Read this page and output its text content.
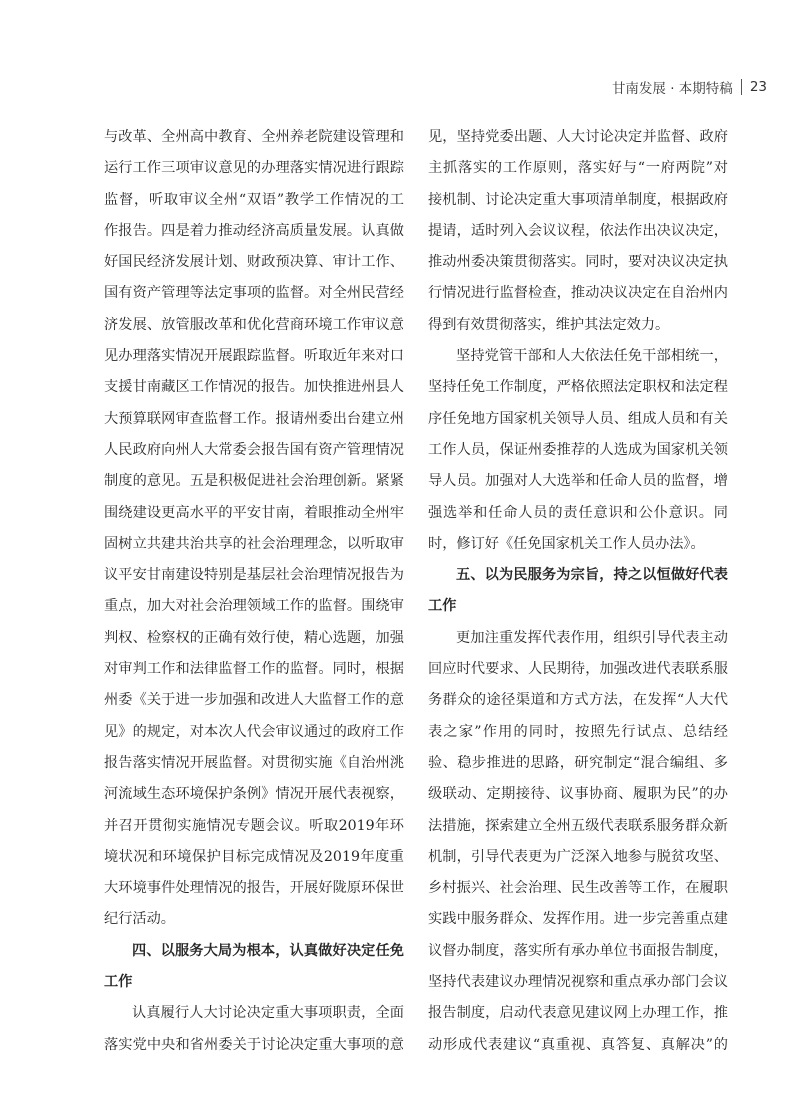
甘南发展 · 本期特稿 23
与改革、全州高中教育、全州养老院建设管理和
运行工作三项审议意见的办理落实情况进行跟踪
监督，听取审议全州“双语”教学工作情况的工
作报告。四是着力推动经济高质量发展。认真做
好国民经济发展计划、财政预决算、审计工作、
国有资产管理等法定事项的监督。对全州民营经
济发展、放管服改革和优化营商环境工作审议意
见办理落实情况开展跟踪监督。听取近年来对口
支援甘南藏区工作情况的报告。加快推进州县人
大预算联网审查监督工作。报请州委出台建立州
人民政府向州人大常委会报告国有资产管理情况
制度的意见。五是积极促进社会治理创新。紧紧
围绕建设更高水平的平安甘南，着眼推动全州牢
固树立共建共治共享的社会治理理念，以听取审
议平安甘南建设特别是基层社会治理情况报告为
重点，加大对社会治理领域工作的监督。围绕审
判权、检察权的正确有效行使，精心选题，加强
对审判工作和法律监督工作的监督。同时，根据
州委《关于进一步加强和改进人大监督工作的意
见》的规定，对本次人代会审议通过的政府工作
报告落实情况开展监督。对贯彻实施《自治州洮
河流域生态环境保护条例》情况开展代表视察，
并召开贯彻实施情况专题会议。听取2019年环
境状况和环境保护目标完成情况及2019年度重
大环境事件处理情况的报告，开展好陇原环保世
纪行活动。
四、以服务大局为根本，认真做好决定任免
工作
认真履行人大讨论决定重大事项职责，全面
落实党中央和省州委关于讨论决定重大事项的意
见，坚持党委出题、人大讨论决定并监督、政府
主抓落实的工作原则，落实好与“一府两院”对
接机制、讨论决定重大事项清单制度，根据政府
提请，适时列入会议议程，依法作出决议决定，
推动州委决策贯彻落实。同时，要对决议决定执
行情况进行监督检查，推动决议决定在自治州内
得到有效贯彻落实，维护其法定效力。
坚持党管干部和人大依法任免干部相统一，
坚持任免工作制度，严格依照法定职权和法定程
序任免地方国家机关领导人员、组成人员和有关
工作人员，保证州委推荐的人选成为国家机关领
导人员。加强对人大选举和任命人员的监督，增
强选举和任命人员的责任意识和公仆意识。同
时，修订好《任免国家机关工作人员办法》。
五、以为民服务为宗旨，持之以恒做好代表
工作
更加注重发挥代表作用，组织引导代表主动
回应时代要求、人民期待，加强改进代表联系服
务群众的途径渠道和方式方法，在发挥“人大代
表之家”作用的同时，按照先行试点、总结经
验、稳步推进的思路，研究制定“混合编组、多
级联动、定期接待、议事协商、履职为民”的办
法措施，探索建立全州五级代表联系服务群众新
机制，引导代表更为广泛深入地参与脱贫攻坚、
乡村振兴、社会治理、民生改善等工作，在履职
实践中服务群众、发挥作用。进一步完善重点建
议督办制度，落实所有承办单位书面报告制度，
坚持代表建议办理情况视察和重点承办部门会议
报告制度，启动代表意见建议网上办理工作，推
动形成代表建议“真重视、真答复、真解决”的
